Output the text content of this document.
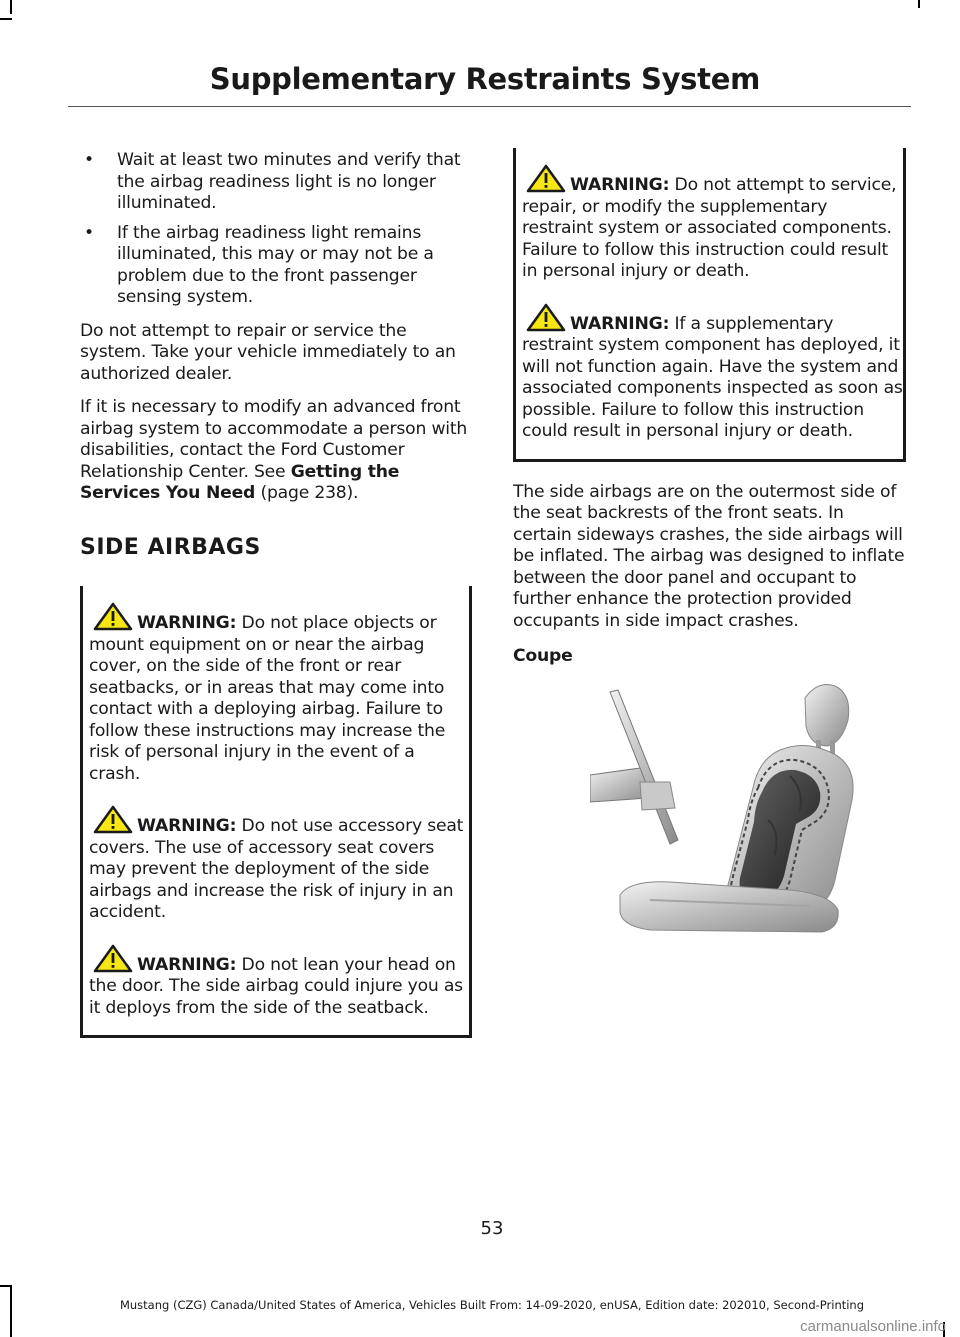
Supplementary Restraints System
• Wait at least two minutes and verify that the airbag readiness light is no longer illuminated.
• If the airbag readiness light remains illuminated, this may or may not be a problem due to the front passenger sensing system.

Do not attempt to repair or service the system. Take your vehicle immediately to an authorized dealer.

If it is necessary to modify an advanced front airbag system to accommodate a person with disabilities, contact the Ford Customer Relationship Center. See Getting the Services You Need (page 238).

SIDE AIRBAGS
WARNING: Do not place objects or mount equipment on or near the airbag cover, on the side of the front or rear seatbacks, or in areas that may come into contact with a deploying airbag. Failure to follow these instructions may increase the risk of personal injury in the event of a crash.
WARNING: Do not use accessory seat covers. The use of accessory seat covers may prevent the deployment of the side airbags and increase the risk of injury in an accident.
WARNING: Do not lean your head on the door. The side airbag could injure you as it deploys from the side of the seatback.
WARNING: Do not attempt to service, repair, or modify the supplementary restraint system or associated components. Failure to follow this instruction could result in personal injury or death.
WARNING: If a supplementary restraint system component has deployed, it will not function again. Have the system and associated components inspected as soon as possible. Failure to follow this instruction could result in personal injury or death.

The side airbags are on the outermost side of the seat backrests of the front seats. In certain sideways crashes, the side airbags will be inflated. The airbag was designed to inflate between the door panel and occupant to further enhance the protection provided occupants in side impact crashes.

Coupe
53
Mustang (CZG) Canada/United States of America, Vehicles Built From: 14-09-2020, enUSA, Edition date: 202010, Second-Printing
carmanualsonline.info
